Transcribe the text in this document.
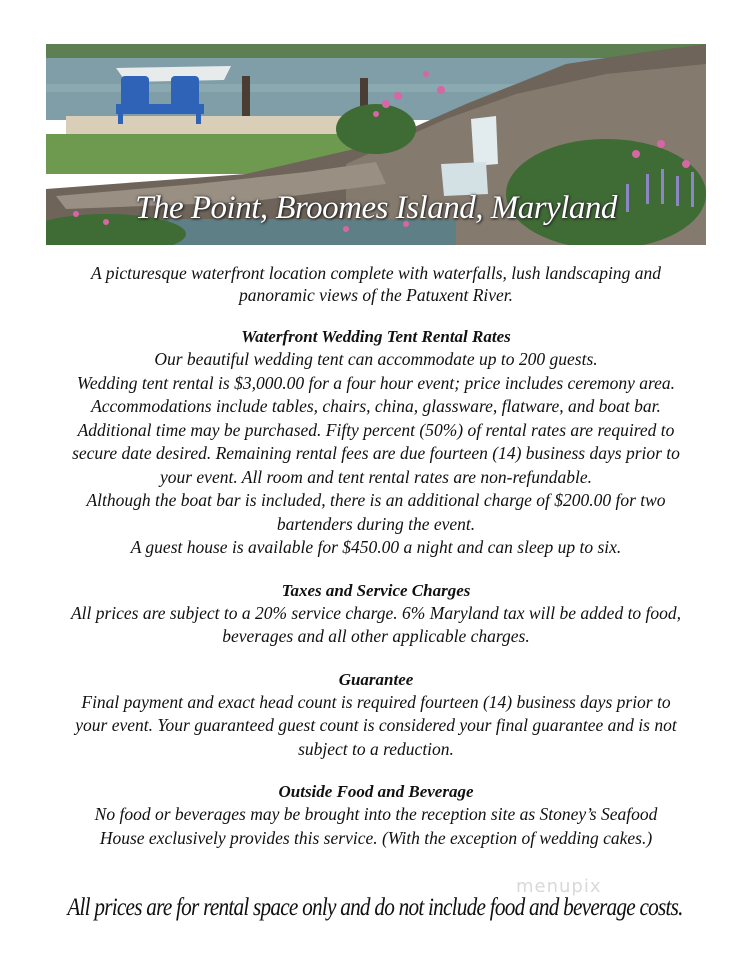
The Point, Broomes Island, Maryland

A picturesque waterfront location complete with waterfalls, lush landscaping and

panoramic views of the Patuxent River.

Waterfront Wedding Tent Rental Rates

Our beautiful wedding tent can accommodate up to 200 guests.

Wedding tent rental is $3,000.00 for a four hour event; price includes ceremony area.

Accommodations include tables, chairs, china, glassware, flatware, and boat bar.

Additional time may be purchased. Fifty percent (50%) of rental rates are required to

secure date desired. Remaining rental fees are due fourteen (14) business days prior to

your event. All room and tent rental rates are non-refundable.

Although the boat bar is included, there is an additional charge of $200.00 for two

bartenders during the event.

A guest house is available for $450.00 a night and can sleep up to six.

Taxes and Service Charges

All prices are subject to a 20% service charge. 6% Maryland tax will be added to food,

beverages and all other applicable charges.

Guarantee

Final payment and exact head count is required fourteen (14) business days prior to

your event. Your guaranteed guest count is considered your final guarantee and is not

subject to a reduction.

Outside Food and Beverage

No food or beverages may be brought into the reception site as Stoney’s Seafood

House exclusively provides this service. (With the exception of wedding cakes.)

menupix
All prices are for rental space only and do not include food and beverage costs.
